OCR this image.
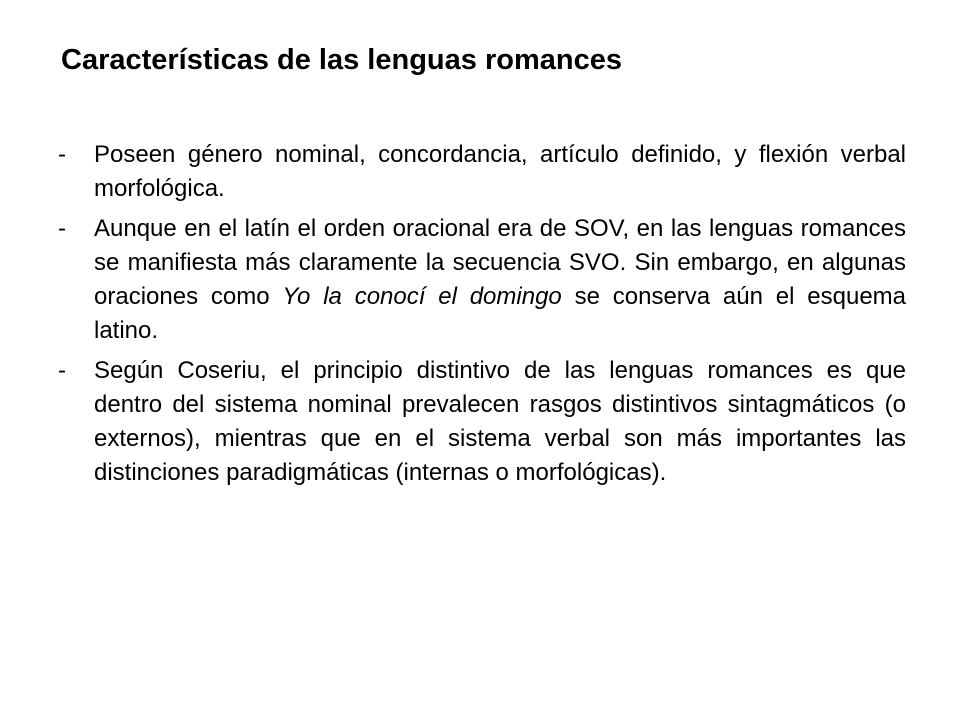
Características de las lenguas romances
- Poseen género nominal, concordancia, artículo definido, y flexión verbal morfológica.
- Aunque en el latín el orden oracional era de SOV, en las lenguas romances se manifiesta más claramente la secuencia SVO. Sin embargo, en algunas oraciones como Yo la conocí el domingo se conserva aún el esquema latino.
- Según Coseriu, el principio distintivo de las lenguas romances es que dentro del sistema nominal prevalecen rasgos distintivos sintagmáticos (o externos), mientras que en el sistema verbal son más importantes las distinciones paradigmáticas (internas o morfológicas).
